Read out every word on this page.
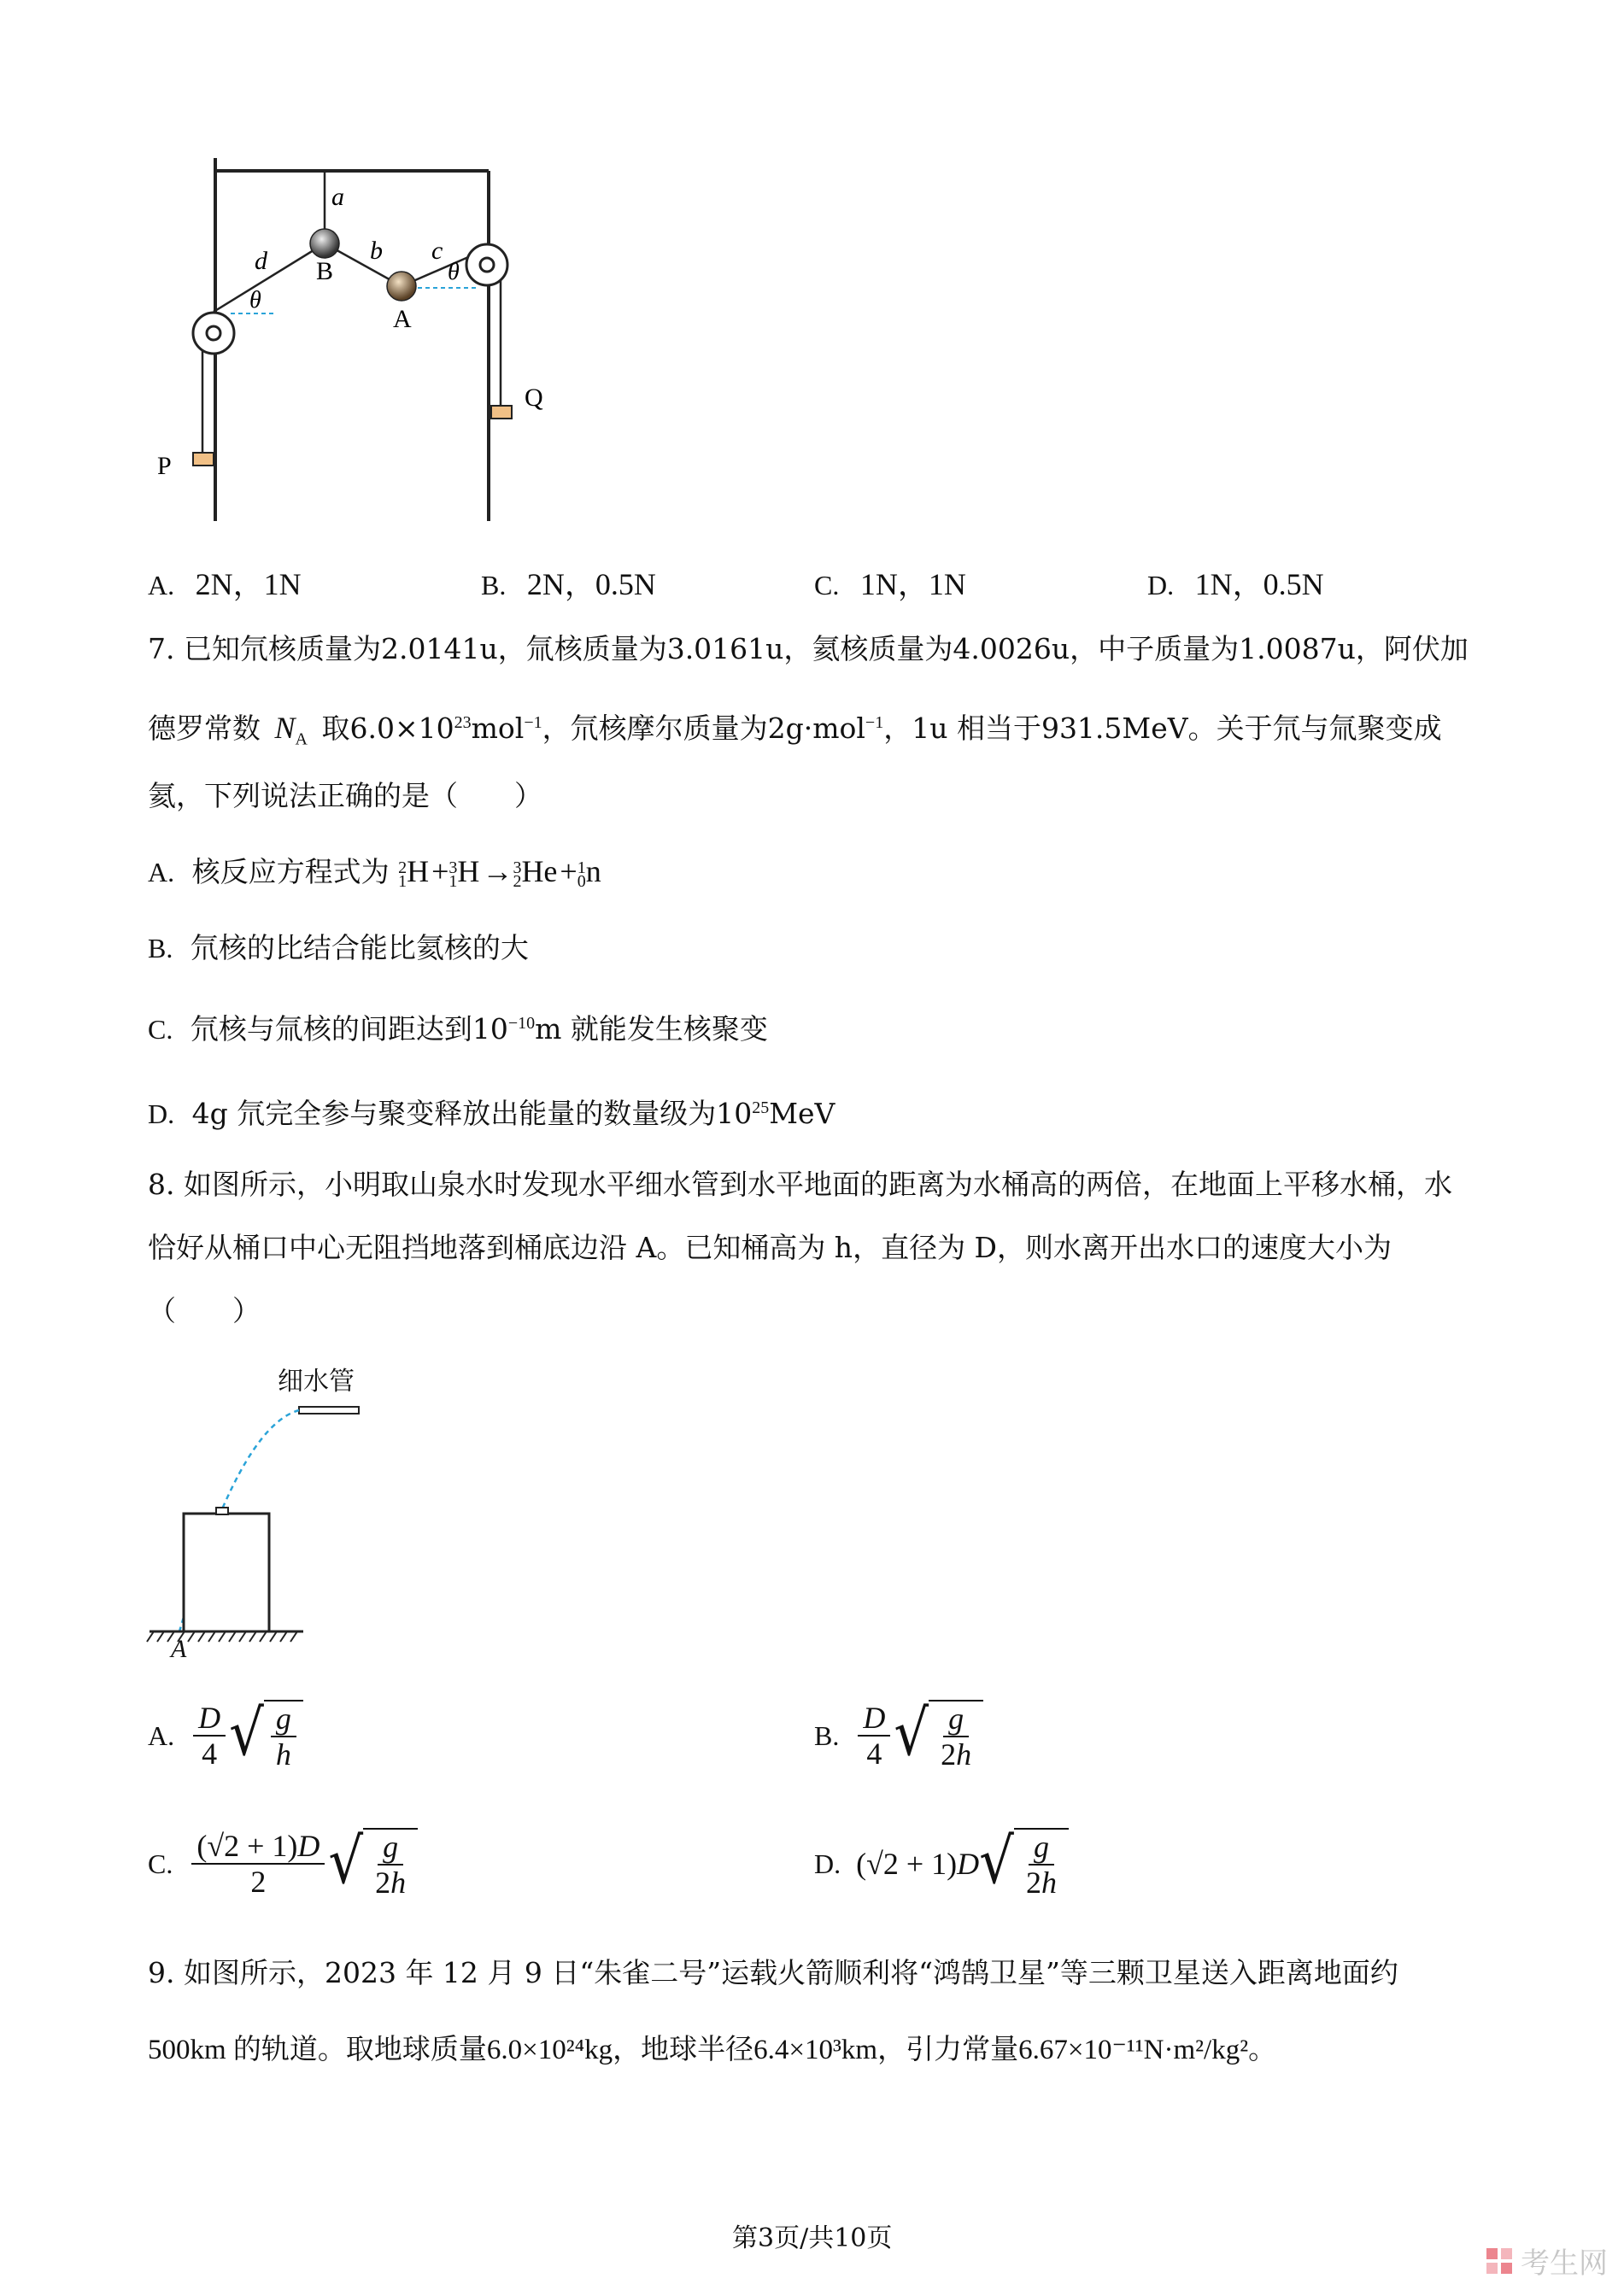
a
d B
b c
θ
θ
A
P
Q
A. 2N，1N	B. 2N，0.5N	C. 1N，1N	D. 1N，0.5N
7. 已知氘核质量为2.0141u，氚核质量为3.0161u，氦核质量为4.0026u，中子质量为1.0087u，阿伏加
德罗常数 $N_A$ 取$6.0\times 10^{23}mol^{-1}$，氘核摩尔质量为2g·mol$^{-1}$，1u 相当于931.5MeV。关于氘与氚聚变成
氦，下列说法正确的是（　　）
A. 核反应方程式为 2
1 H + 3
1 H → 3
2 He + 1
0 n
B. 氘核的比结合能比氦核的大
C. 氘核与氚核的间距达到$10^{-10}m$ 就能发生核聚变
D. 4g 氘完全参与聚变释放出能量的数量级为$10^{25}MeV$
8. 如图所示，小明取山泉水时发现水平细水管到水平地面的距离为水桶高的两倍，在地面上平移水桶，水
恰好从桶口中心无阻挡地落到桶底边沿 A。已知桶高为 h，直径为 D，则水离开出水口的速度大小为
（　　）
细水管
A
A. $\frac{D}{4}$ √ $\frac{g}{h}$	B. $\frac{D}{4}$ √ $\frac{g}{2h}$
C. $\frac{(√2 + 1)D}{2}$ √ $\frac{g}{2h}$	D. (√2 + 1)D √ $\frac{g}{2h}$
9. 如图所示，2023 年 12 月 9 日“朱雀二号”运载火箭顺利将“鸿鹄卫星”等三颗卫星送入距离地面约
500km 的轨道。取地球质量6.0×10²⁴kg，地球半径6.4×10³km，引力常量6.67×10⁻¹¹N·m²/kg²。
第3页/共10页
考生网
